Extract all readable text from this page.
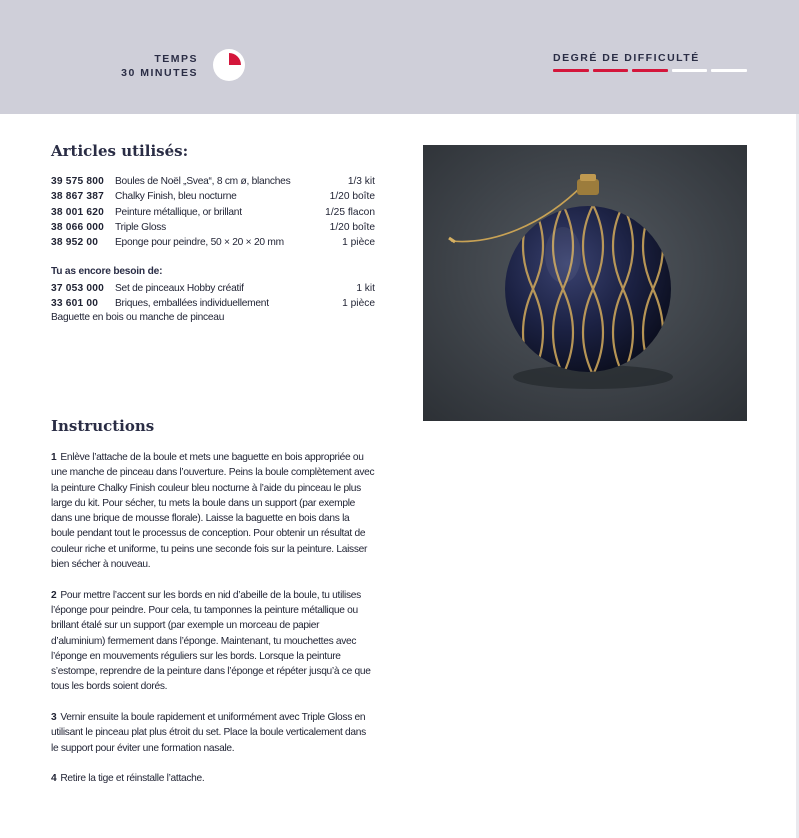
TEMPS
30 MINUTES
DEGRÉ DE DIFFICULTÉ
Articles utilisés:
39 575 800	Boules de Noël „Svea“, 8 cm ø, blanches	1/3 kit
38 867 387	Chalky Finish, bleu nocturne	1/20 boîte
38 001 620	Peinture métallique, or brillant	1/25 flacon
38 066 000	Triple Gloss	1/20 boîte
38 952 00	Eponge pour peindre, 50 × 20 × 20 mm	1 pièce
Tu as encore besoin de:
37 053 000	Set de pinceaux Hobby créatif	1 kit
33 601 00	Briques, emballées individuellement	1 pièce
Baguette en bois ou manche de pinceau
Instructions

1 Enlève l’attache de la boule et mets une baguette en bois appropriée ou une manche de pinceau dans l’ouverture. Peins la boule complètement avec la peinture Chalky Finish couleur bleu nocturne à l’aide du pinceau le plus large du kit. Pour sécher, tu mets la boule dans un support (par exemple dans une brique de mousse florale). Laisse la baguette en bois dans la boule pendant tout le processus de conception. Pour obtenir un résultat de couleur riche et uniforme, tu peins une seconde fois sur la peinture. Laisser bien sécher à nouveau.

2 Pour mettre l’accent sur les bords en nid d’abeille de la boule, tu utilises l’éponge pour peindre. Pour cela, tu tamponnes la peinture métallique ou brillant étalé sur un support (par exemple un morceau de papier d’aluminium) fermement dans l’éponge. Maintenant, tu mouchettes avec l’éponge en mouvements réguliers sur les bords. Lorsque la peinture s’estompe, reprendre de la peinture dans l’éponge et répéter jusqu’à ce que tous les bords soient dorés.

3 Vernir ensuite la boule rapidement et uniformément avec Triple Gloss en utilisant le pinceau plat plus étroit du set. Place la boule verticalement dans le support pour éviter une formation nasale.

4 Retire la tige et réinstalle l’attache.
